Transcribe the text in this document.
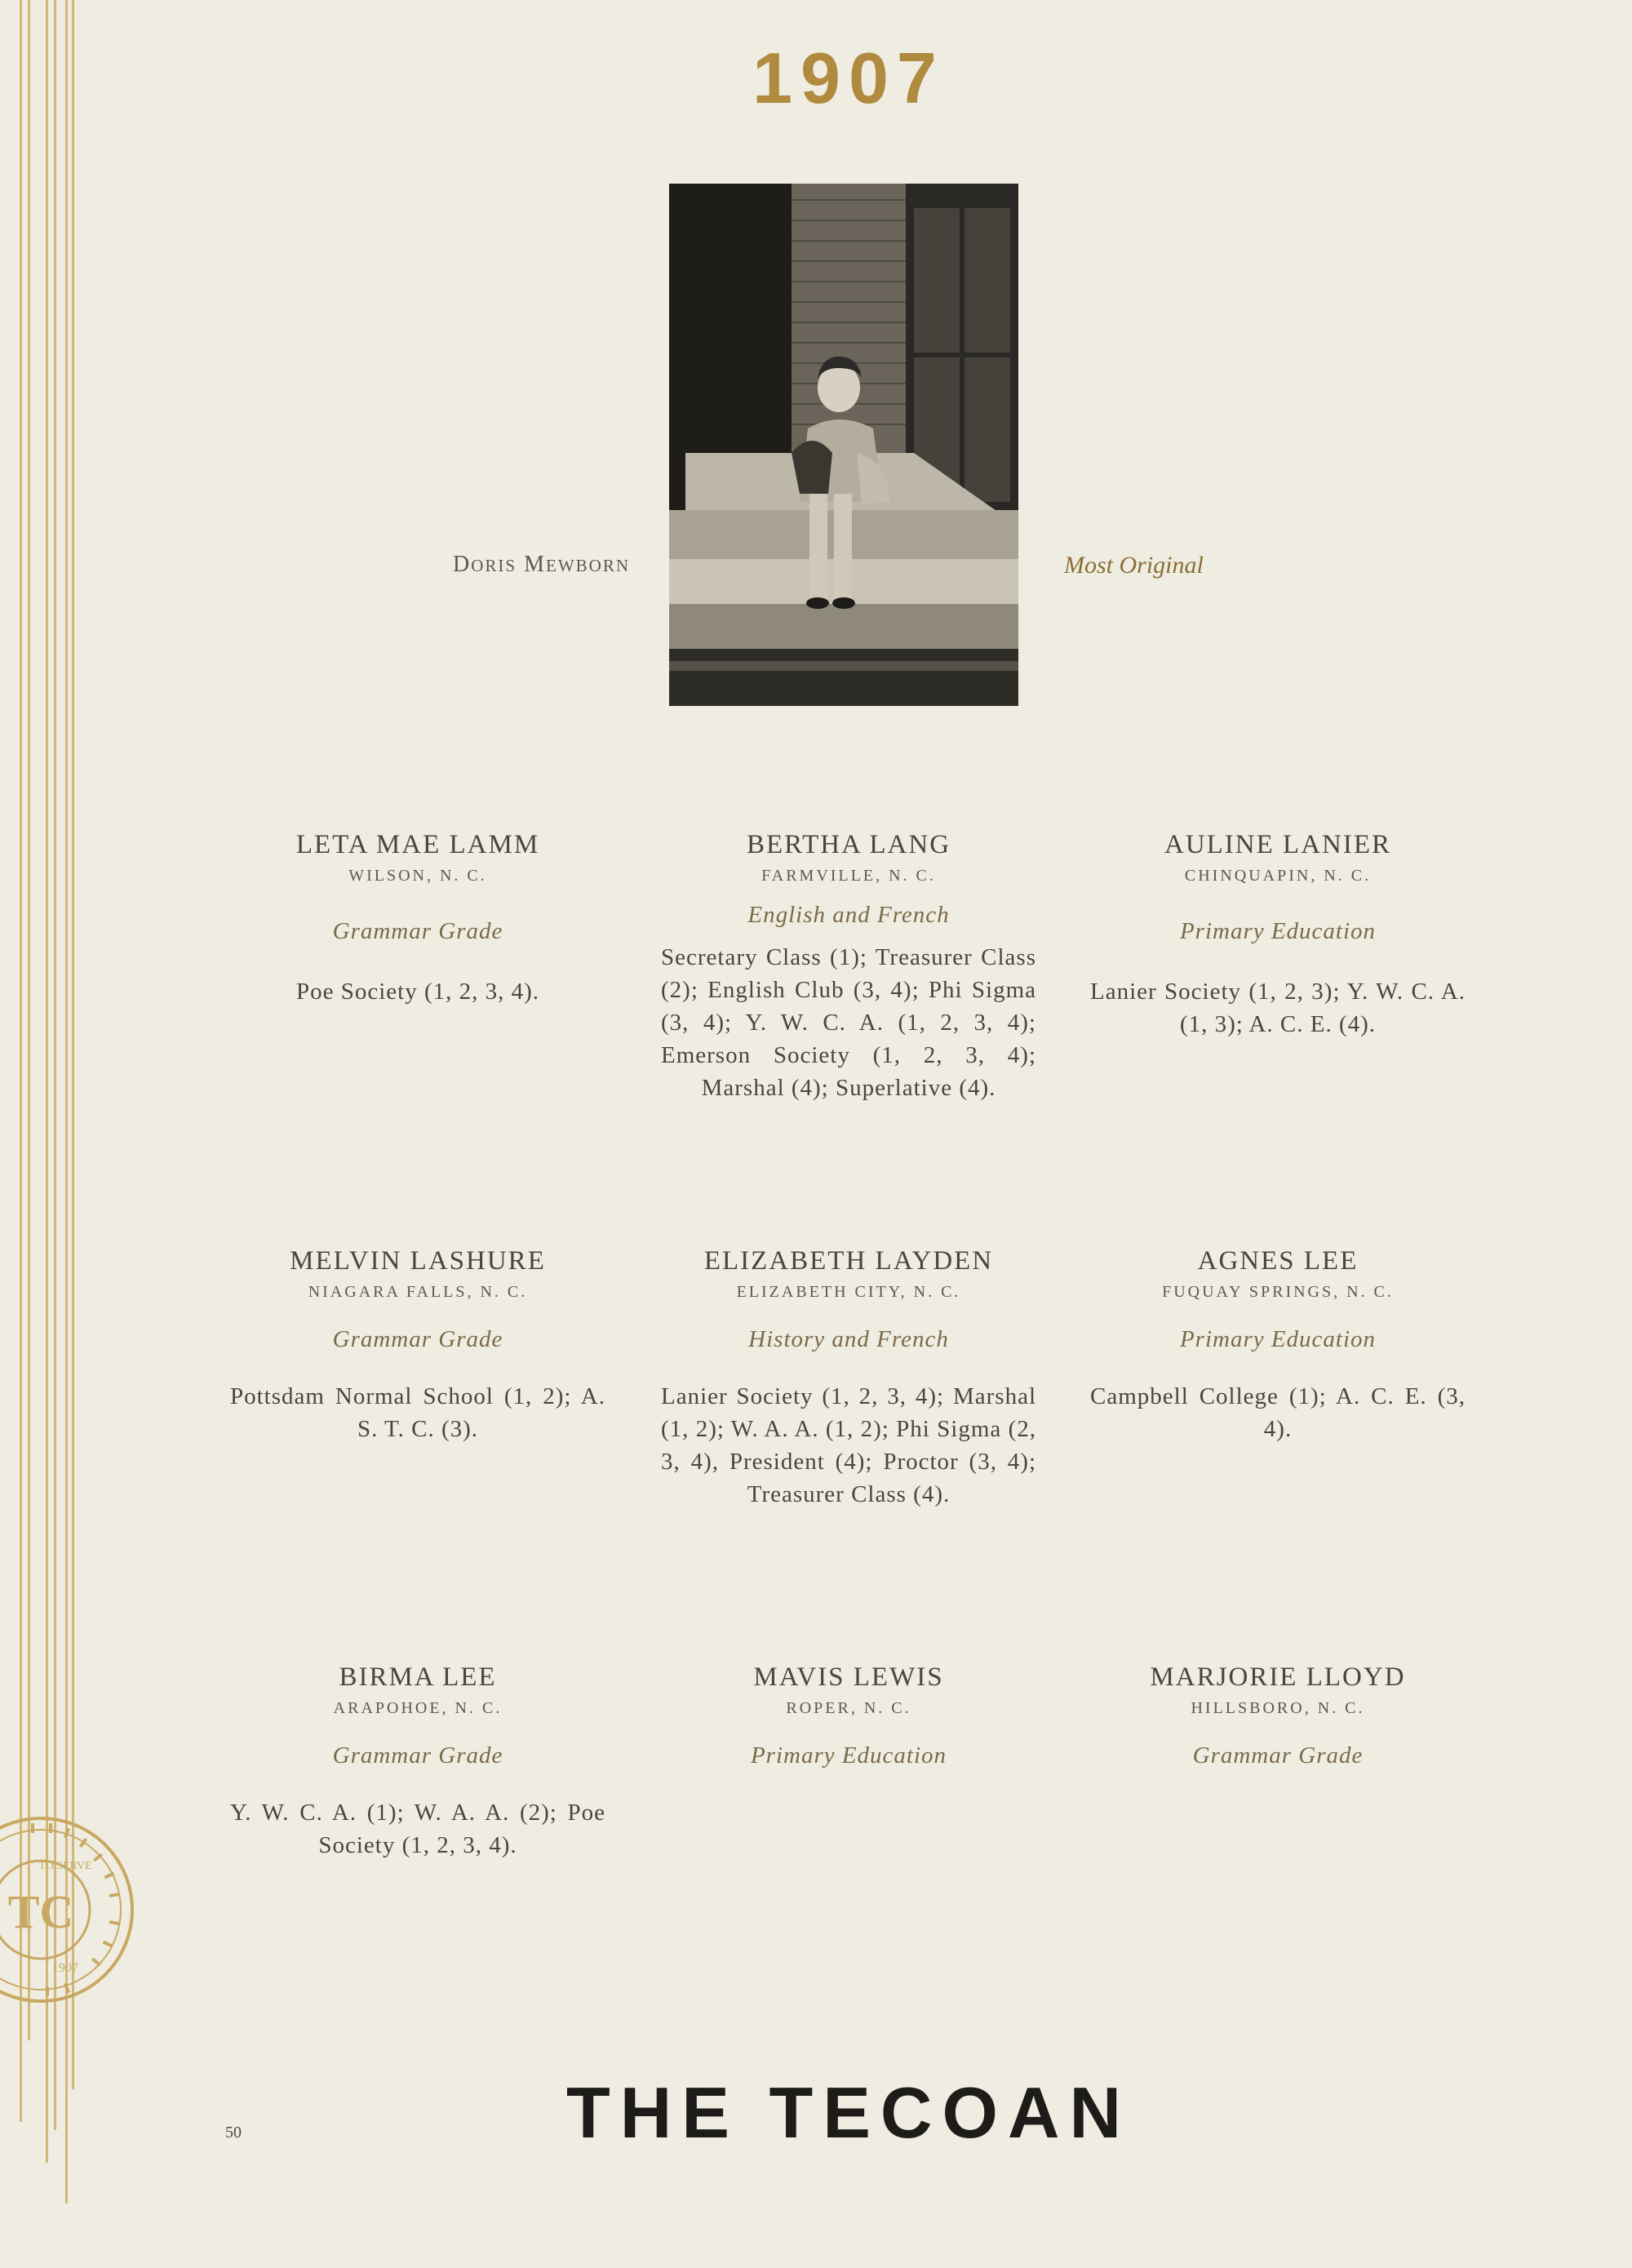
1907
DORIS MEWBORN	Most Original
LETA MAE LAMM
WILSON, N. C.
Grammar Grade
Poe Society (1, 2, 3, 4).
BERTHA LANG
FARMVILLE, N. C.
English and French
Secretary Class (1); Treasurer Class (2); English Club (3, 4); Phi Sigma (3, 4); Y. W. C. A. (1, 2, 3, 4); Emerson Society (1, 2, 3, 4); Marshal (4); Superlative (4).
AULINE LANIER
CHINQUAPIN, N. C.
Primary Education
Lanier Society (1, 2, 3); Y. W. C. A. (1, 3); A. C. E. (4).
MELVIN LASHURE
NIAGARA FALLS, N. C.
Grammar Grade
Pottsdam Normal School (1, 2); A. S. T. C. (3).
ELIZABETH LAYDEN
ELIZABETH CITY, N. C.
History and French
Lanier Society (1, 2, 3, 4); Marshal (1, 2); W. A. A. (1, 2); Phi Sigma (2, 3, 4), President (4); Proctor (3, 4); Treasurer Class (4).
AGNES LEE
FUQUAY SPRINGS, N. C.
Primary Education
Campbell College (1); A. C. E. (3, 4).
BIRMA LEE
ARAPOHOE, N. C.
Grammar Grade
Y. W. C. A. (1); W. A. A. (2); Poe Society (1, 2, 3, 4).
MAVIS LEWIS
ROPER, N. C.
Primary Education
MARJORIE LLOYD
HILLSBORO, N. C.
Grammar Grade
TC
TO SERVE
1907
50	THE TECOAN
